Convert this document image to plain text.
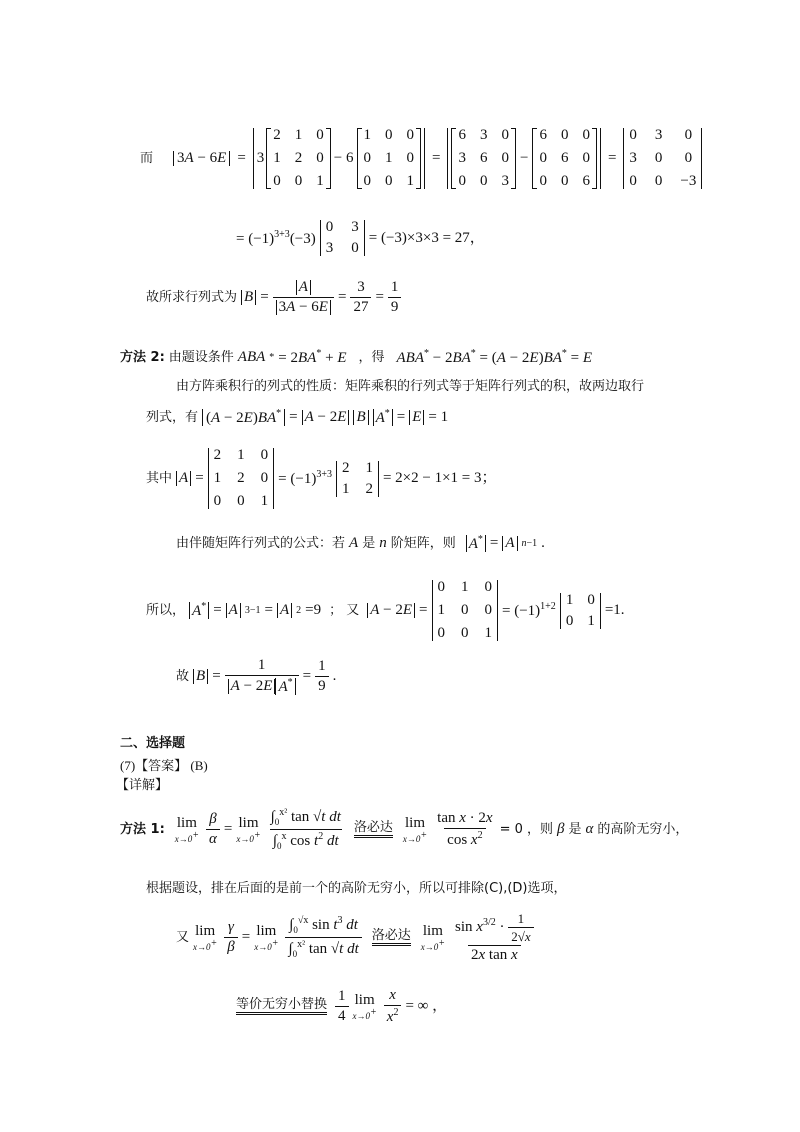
而 3A − 6E = 3
2 1 0
1 2 0
0 0 1
− 6
1 0 0
0 1 0
0 0 1
=
6 3 0
3 6 0
0 0 3
−
6 0 0
0 6 0
0 0 6
=
0 3 0
3 0 0
0 0 −3
= $(-1)^{3+3}(-3)$
0 3
3 0
= (−3)×3×3 = 27，
故所求行列式为 $B = \frac{A}{3A - 6E} = \frac{3}{27} = \frac{1}{9}$
方法 2: 由题设条件 ABA * = 2BA* + E ，得 ABA* − 2BA* = (A − 2E)BA* = E
由方阵乘积行的列式的性质：矩阵乘积的行列式等于矩阵行列式的积，故两边取行
列式，有 (A − 2E)BA* = A − 2E B A* = E = 1
其中 A =
2 1 0
1 2 0
0 0 1
= $(-1)^{3+3}$ 2 1
1 2
= 2×2 − 1×1 = 3；
由伴随矩阵行列式的公式：若 A 是 n 阶矩阵，则 A* = A n−1 .
所以， A* = A 3−1 = A 2 =9 ； 又 A − 2E =
0 1 0
1 0 0
0 0 1
= $(-1)^{1+2}$ 1 0
0 1
=1.
故 $B = \frac{1}{A - 2E A^*} = \frac{1}{9}$ .
二、选择题
(7)【答案】 (B)
【详解】
方法 1: lim
$x\to 0^+ \frac{\beta}{\alpha} = \lim$
$x\to 0^+ \frac{\int_0^{x^2} \tan √t dt}{\int_0^x \cos t^2 dt}$ 洛必达 lim
$x\to 0^+ \frac{\text{tan x · 2x}}{\cos x^2} = 0$ ，则 β 是 α 的高阶无穷小，
根据题设，排在后面的是前一个的高阶无穷小，所以可排除(C),(D)选项，
又 lim
$x\to 0^+ \frac{\gamma}{\beta} = \lim$
$x\to 0^+ \frac{\int_0^{√x} \sin t^3 dt}{\int_0^{x^2} \tan √t dt}$ 洛必达 lim
$x\to 0^+ \frac{\sin x^{3/2} \cdot \frac{1}{2√x}}{\text{2x tan x}}$
等价无穷小替换 $\frac{1}{4}$ lim
$x\to 0^+ \frac{x}{x^2}$ = ∞ ，
